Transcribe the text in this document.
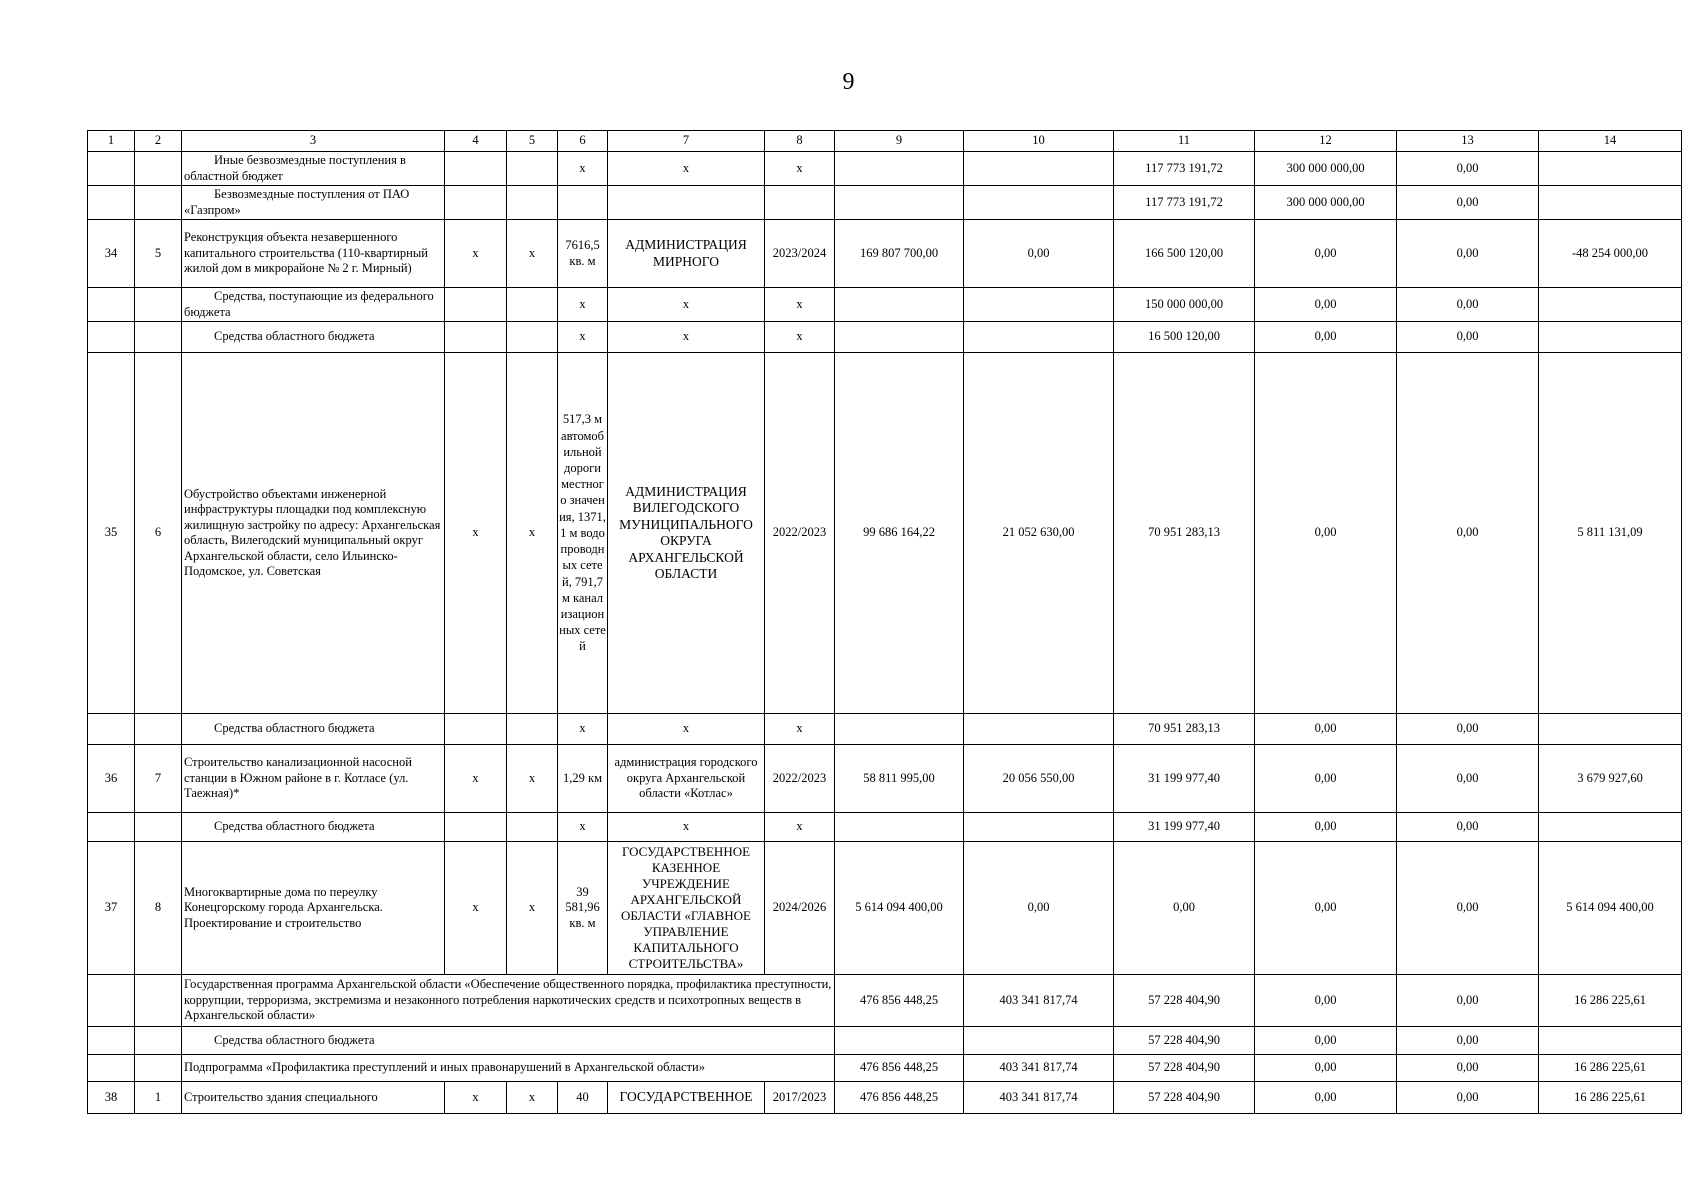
9
1	2	3	4	5	6	7	8	9	10	11	12	13	14
		Иные безвозмездные поступления в областной бюджет			х	х	х			117 773 191,72	300 000 000,00	0,00	
		Безвозмездные поступления от ПАО «Газпром»								117 773 191,72	300 000 000,00	0,00	
34	5	Реконструкция объекта незавершенного капитального строительства (110-квартирный жилой дом в микрорайоне № 2 г. Мирный)	х	х	7616,5 кв. м	АДМИНИСТРАЦИЯ МИРНОГО	2023/2024	169 807 700,00	0,00	166 500 120,00	0,00	0,00	-48 254 000,00
		Средства, поступающие из федерального бюджета			х	х	х			150 000 000,00	0,00	0,00	
		Средства областного бюджета			х	х	х			16 500 120,00	0,00	0,00	
35	6	Обустройство объектами инженерной инфраструктуры площадки под комплексную жилищную застройку по адресу: Архангельская область, Вилегодский муниципальный округ Архангельской области, село Ильинско-Подомское, ул. Советская	х	х	517,3 м автомобильной дороги местного значения, 1371,1 м водопроводных сетей, 791,7 м канализационных сетей	АДМИНИСТРАЦИЯ ВИЛЕГОДСКОГО МУНИЦИПАЛЬНОГО ОКРУГА АРХАНГЕЛЬСКОЙ ОБЛАСТИ	2022/2023	99 686 164,22	21 052 630,00	70 951 283,13	0,00	0,00	5 811 131,09
		Средства областного бюджета			х	х	х			70 951 283,13	0,00	0,00	
36	7	Строительство канализационной насосной станции в Южном районе в г. Котласе (ул. Таежная)*	х	х	1,29 км	администрация городского округа Архангельской области «Котлас»	2022/2023	58 811 995,00	20 056 550,00	31 199 977,40	0,00	0,00	3 679 927,60
		Средства областного бюджета			х	х	х			31 199 977,40	0,00	0,00	
37	8	Многоквартирные дома по переулку Конецгорскому города Архангельска. Проектирование и строительство	х	х	39 581,96 кв. м	ГОСУДАРСТВЕННОЕ КАЗЕННОЕ УЧРЕЖДЕНИЕ АРХАНГЕЛЬСКОЙ ОБЛАСТИ «ГЛАВНОЕ УПРАВЛЕНИЕ КАПИТАЛЬНОГО СТРОИТЕЛЬСТВА»	2024/2026	5 614 094 400,00	0,00	0,00	0,00	0,00	5 614 094 400,00
		Государственная программа Архангельской области «Обеспечение общественного порядка, профилактика преступности, коррупции, терроризма, экстремизма и незаконного потребления наркотических средств и психотропных веществ в Архангельской области»						476 856 448,25	403 341 817,74	57 228 404,90	0,00	0,00	16 286 225,61
		Средства областного бюджета								57 228 404,90	0,00	0,00	
		Подпрограмма «Профилактика преступлений и иных правонарушений в Архангельской области»						476 856 448,25	403 341 817,74	57 228 404,90	0,00	0,00	16 286 225,61
38	1	Строительство здания специального	х	х	40	ГОСУДАРСТВЕННОЕ	2017/2023	476 856 448,25	403 341 817,74	57 228 404,90	0,00	0,00	16 286 225,61
